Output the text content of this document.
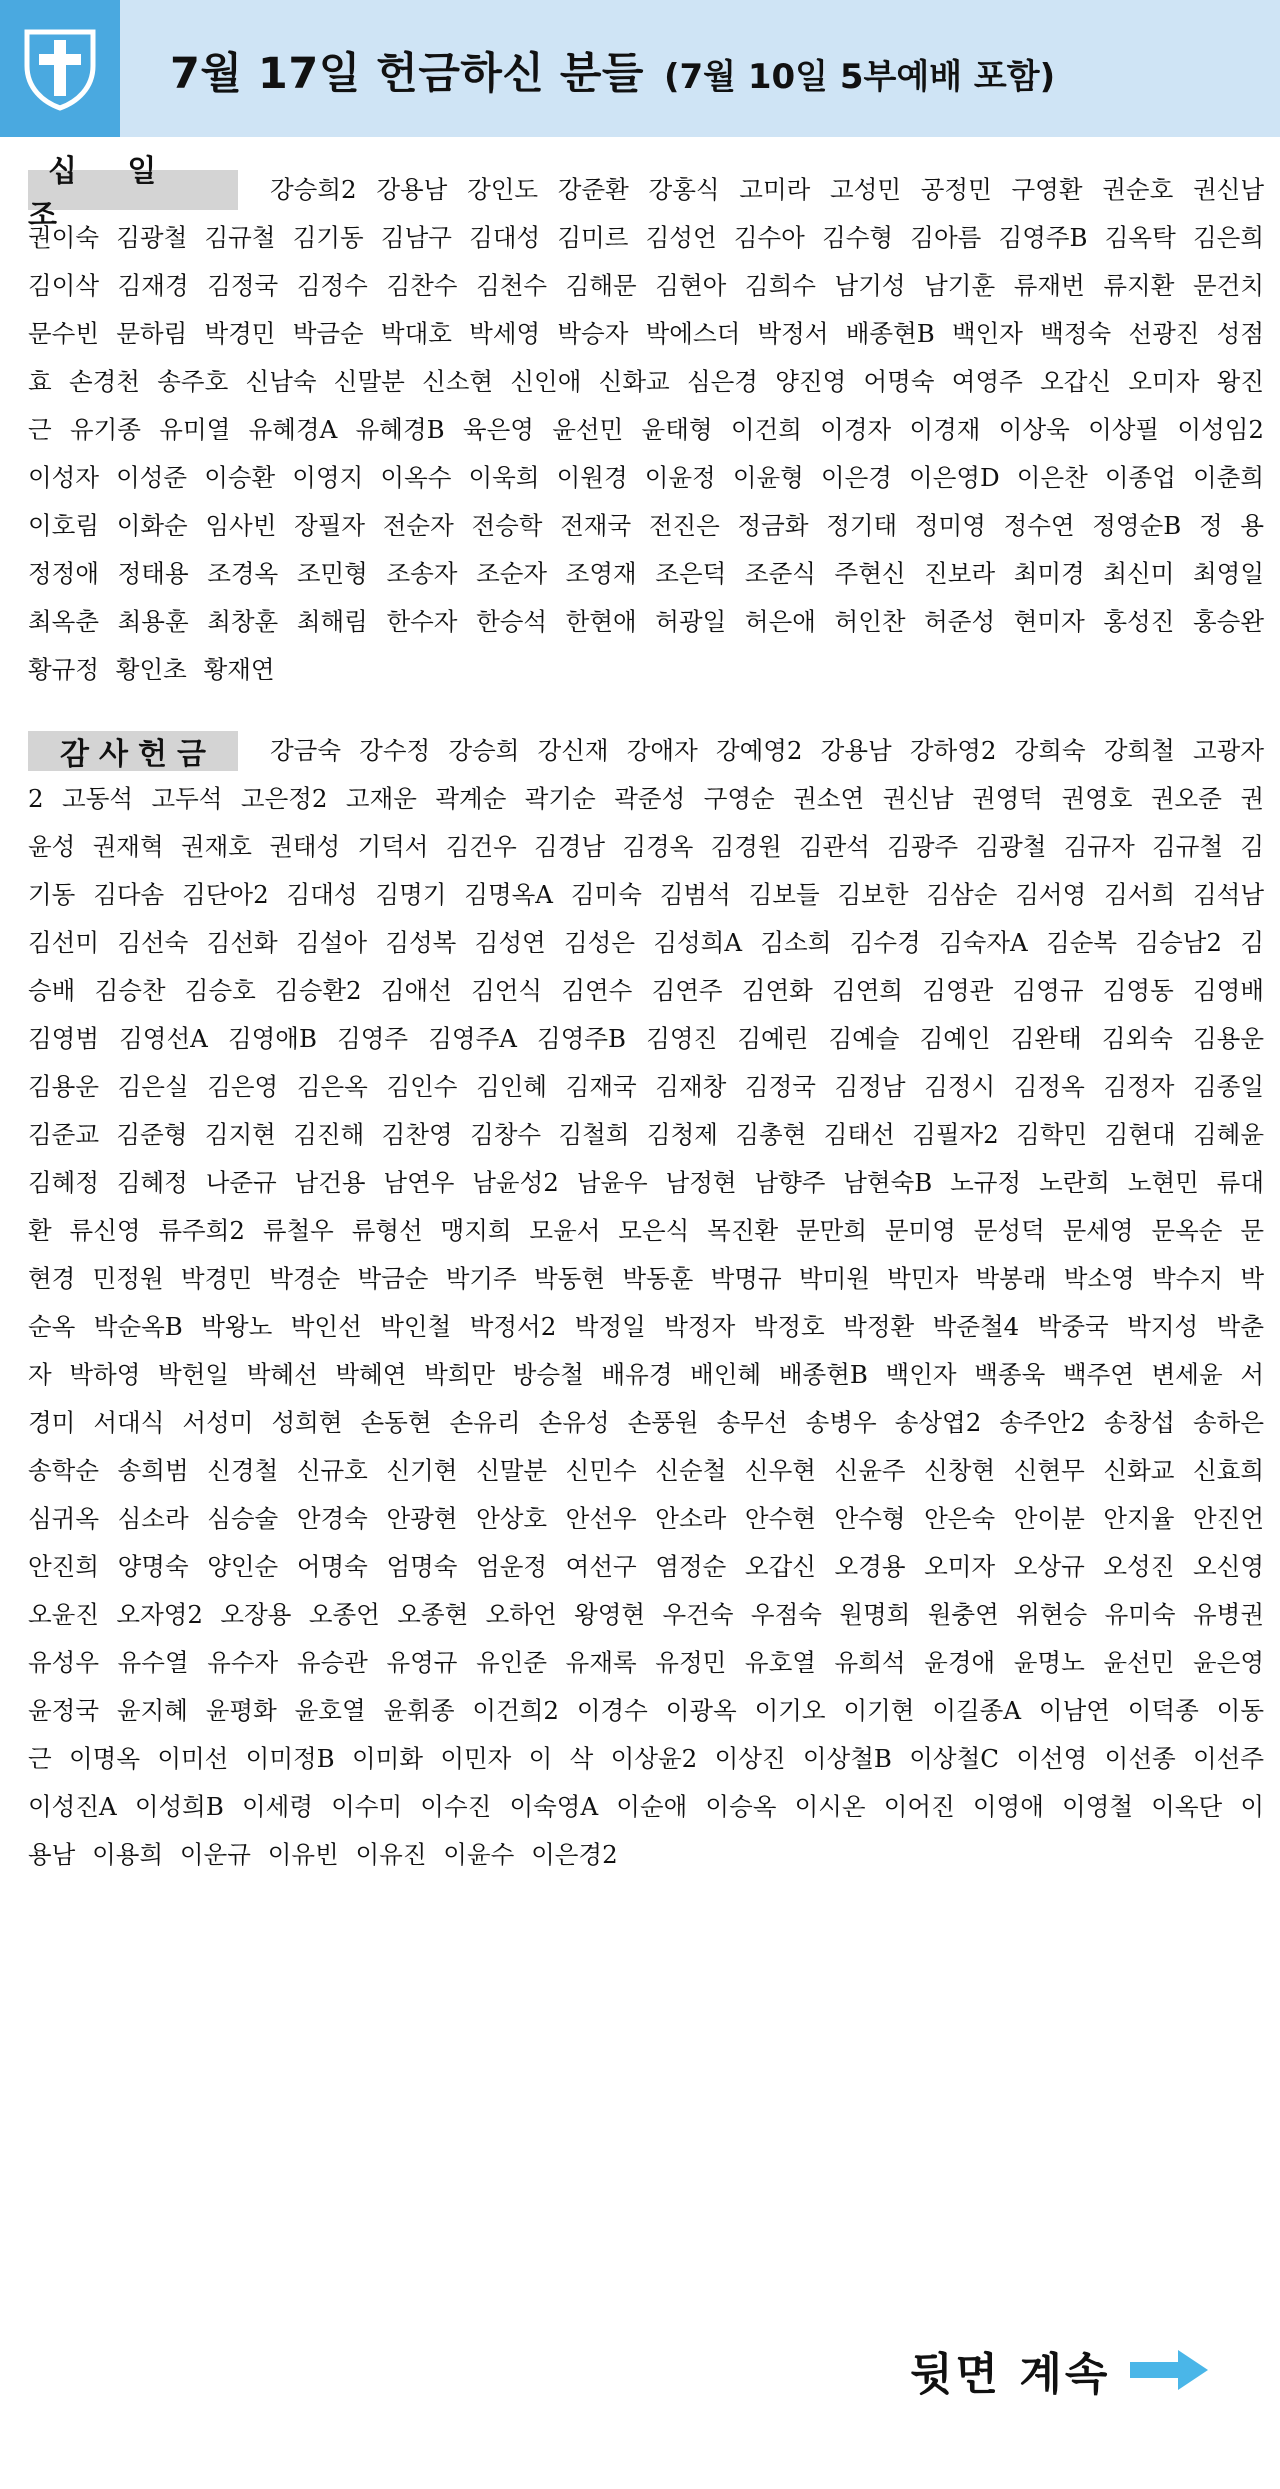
7월 17일 헌금하신 분들 (7월 10일 5부예배 포함)
십 일 조
강승희2 강용남 강인도 강준환 강홍식 고미라 고성민 공정민 구영환 권순호 권신남 권이숙 김광철 김규철 김기동 김남구 김대성 김미르 김성언 김수아 김수형 김아름 김영주B 김옥탁 김은희 김이삭 김재경 김정국 김정수 김찬수 김천수 김해문 김현아 김희수 남기성 남기훈 류재번 류지환 문건치 문수빈 문하림 박경민 박금순 박대호 박세영 박승자 박에스더 박정서 배종현B 백인자 백정숙 선광진 성점효 손경천 송주호 신남숙 신말분 신소현 신인애 신화교 심은경 양진영 어명숙 여영주 오갑신 오미자 왕진근 유기종 유미열 유혜경A 유혜경B 육은영 윤선민 윤태형 이건희 이경자 이경재 이상욱 이상필 이성임2 이성자 이성준 이승환 이영지 이옥수 이욱희 이원경 이윤정 이윤형 이은경 이은영D 이은찬 이종업 이춘희 이호림 이화순 임사빈 장필자 전순자 전승학 전재국 전진은 정금화 정기태 정미영 정수연 정영순B 정 용 정정애 정태용 조경옥 조민형 조송자 조순자 조영재 조은덕 조준식 주현신 진보라 최미경 최신미 최영일 최옥춘 최용훈 최창훈 최해림 한수자 한승석 한현애 허광일 허은애 허인찬 허준성 현미자 홍성진 홍승완 황규정 황인초 황재연
감사헌금	강금숙 강수정 강승희 강신재 강애자 강예영2 강용남 강하영2 강희숙 강희철 고광자2 고동석 고두석 고은정2 고재운 곽계순 곽기순 곽준성 구영순 권소연 권신남 권영덕 권영호 권오준 권윤성 권재혁 권재호 권태성 기덕서 김건우 김경남 김경옥 김경원 김관석 김광주 김광철 김규자 김규철 김기동 김다솜 김단아2 김대성 김명기 김명옥A 김미숙 김범석 김보들 김보한 김삼순 김서영 김서희 김석남 김선미 김선숙 김선화 김설아 김성복 김성연 김성은 김성희A 김소희 김수경 김숙자A 김순복 김승남2 김승배 김승찬 김승호 김승환2 김애선 김언식 김연수 김연주 김연화 김연희 김영관 김영규 김영동 김영배 김영범 김영선A 김영애B 김영주 김영주A 김영주B 김영진 김예린 김예슬 김예인 김완태 김외숙 김용운 김용운 김은실 김은영 김은옥 김인수 김인혜 김재국 김재창 김정국 김정남 김정시 김정옥 김정자 김종일 김준교 김준형 김지현 김진해 김찬영 김창수 김철희 김청제 김총현 김태선 김필자2 김학민 김현대 김혜윤 김혜정 김혜정 나준규 남건용 남연우 남윤성2 남윤우 남정현 남향주 남현숙B 노규정 노란희 노현민 류대환 류신영 류주희2 류철우 류형선 맹지희 모윤서 모은식 목진환 문만희 문미영 문성덕 문세영 문옥순 문현경 민정원 박경민 박경순 박금순 박기주 박동현 박동훈 박명규 박미원 박민자 박봉래 박소영 박수지 박순옥 박순옥B 박왕노 박인선 박인철 박정서2 박정일 박정자 박정호 박정환 박준철4 박중국 박지성 박춘자 박하영 박헌일 박혜선 박혜연 박희만 방승철 배유경 배인혜 배종현B 백인자 백종욱 백주연 변세윤 서경미 서대식 서성미 성희현 손동현 손유리 손유성 손풍원 송무선 송병우 송상엽2 송주안2 송창섭 송하은 송학순 송희범 신경철 신규호 신기현 신말분 신민수 신순철 신우현 신윤주 신창현 신현무 신화교 신효희 심귀옥 심소라 심승술 안경숙 안광현 안상호 안선우 안소라 안수현 안수형 안은숙 안이분 안지율 안진언 안진희 양명숙 양인순 어명숙 엄명숙 엄운정 여선구 염정순 오갑신 오경용 오미자 오상규 오성진 오신영 오윤진 오자영2 오장용 오종언 오종현 오하언 왕영현 우건숙 우점숙 원명희 원충연 위현승 유미숙 유병권 유성우 유수열 유수자 유승관 유영규 유인준 유재록 유정민 유호열 유희석 윤경애 윤명노 윤선민 윤은영 윤정국 윤지혜 윤평화 윤호열 윤휘종 이건희2 이경수 이광옥 이기오 이기현 이길종A 이남연 이덕종 이동근 이명옥 이미선 이미정B 이미화 이민자 이 삭 이상윤2 이상진 이상철B 이상철C 이선영 이선종 이선주 이성진A 이성희B 이세령 이수미 이수진 이숙영A 이순애 이승옥 이시온 이어진 이영애 이영철 이옥단 이용남 이용희 이운규 이유빈 이유진 이윤수 이은경2
뒷면 계속
